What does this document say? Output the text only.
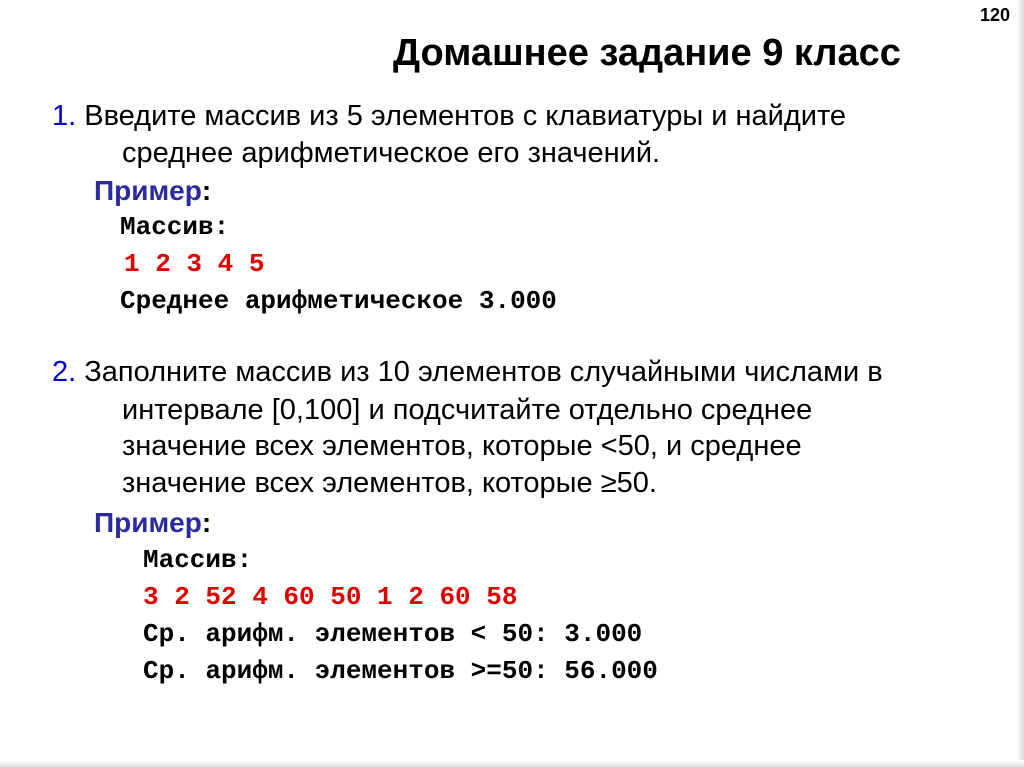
120
Домашнее задание 9 класс
1. Введите массив из 5 элементов с клавиатуры и найдите
среднее арифметическое его значений.
Пример:
Массив:
1 2 3 4 5
Среднее арифметическое 3.000
2. Заполните массив из 10 элементов случайными числами в
интервале [0,100] и подсчитайте отдельно среднее
значение всех элементов, которые <50, и среднее
значение всех элементов, которые ≥50.
Пример:
Массив:
3 2 52 4 60 50 1 2 60 58
Ср. арифм. элементов < 50: 3.000
Ср. арифм. элементов >=50: 56.000
